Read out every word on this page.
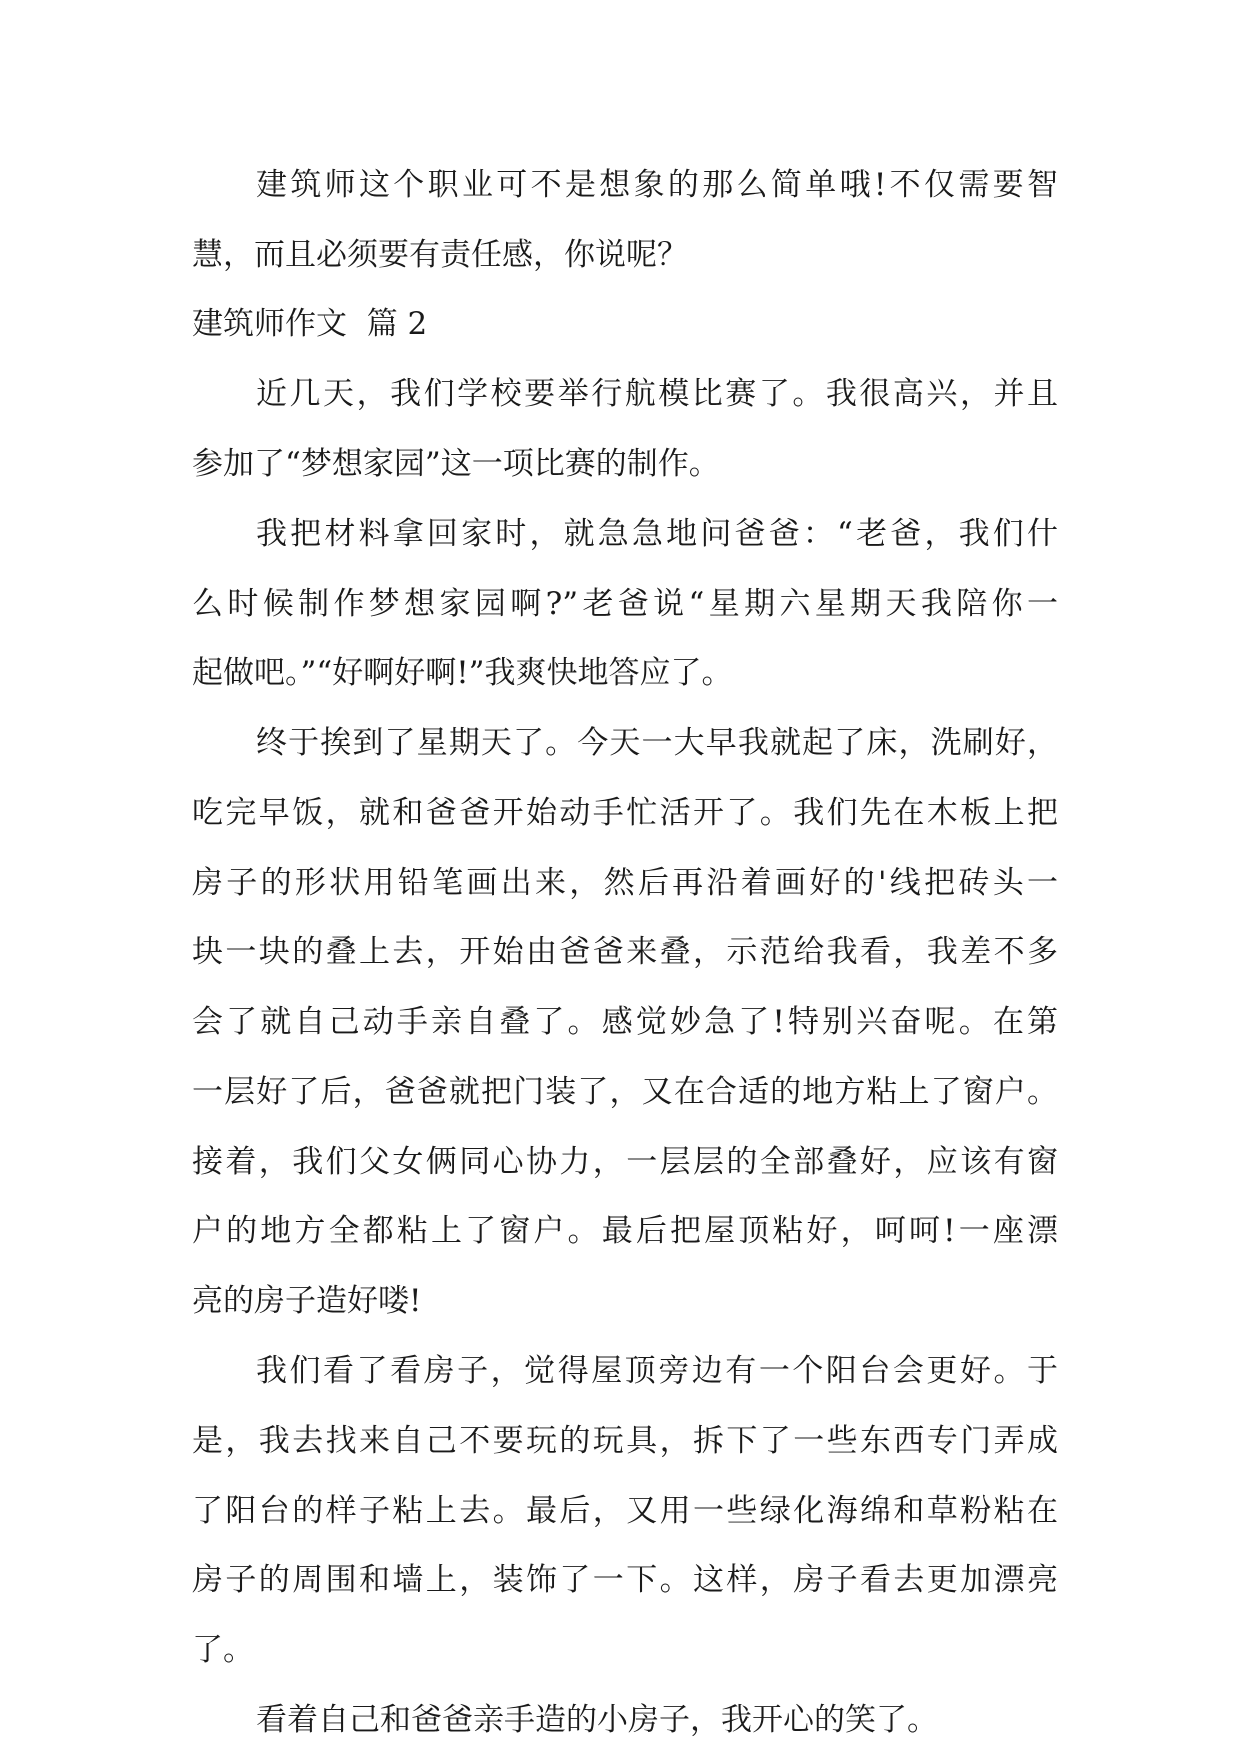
建筑师这个职业可不是想象的那么简单哦!不仅需要智
慧，而且必须要有责任感，你说呢？
建筑师作文  篇 2
近几天，我们学校要举行航模比赛了。我很高兴，并且
参加了“梦想家园”这一项比赛的制作。
我把材料拿回家时，就急急地问爸爸：“老爸，我们什
么时候制作梦想家园啊?”老爸说“星期六星期天我陪你一
起做吧。”“好啊好啊!”我爽快地答应了。
终于挨到了星期天了。今天一大早我就起了床，洗刷好，
吃完早饭，就和爸爸开始动手忙活开了。我们先在木板上把
房子的形状用铅笔画出来，然后再沿着画好的'线把砖头一
块一块的叠上去，开始由爸爸来叠，示范给我看，我差不多
会了就自己动手亲自叠了。感觉妙急了!特别兴奋呢。在第
一层好了后，爸爸就把门装了，又在合适的地方粘上了窗户。
接着，我们父女俩同心协力，一层层的全部叠好，应该有窗
户的地方全都粘上了窗户。最后把屋顶粘好，呵呵!一座漂
亮的房子造好喽!
我们看了看房子，觉得屋顶旁边有一个阳台会更好。于
是，我去找来自己不要玩的玩具，拆下了一些东西专门弄成
了阳台的样子粘上去。最后，又用一些绿化海绵和草粉粘在
房子的周围和墙上，装饰了一下。这样，房子看去更加漂亮
了。
看着自己和爸爸亲手造的小房子，我开心的笑了。
